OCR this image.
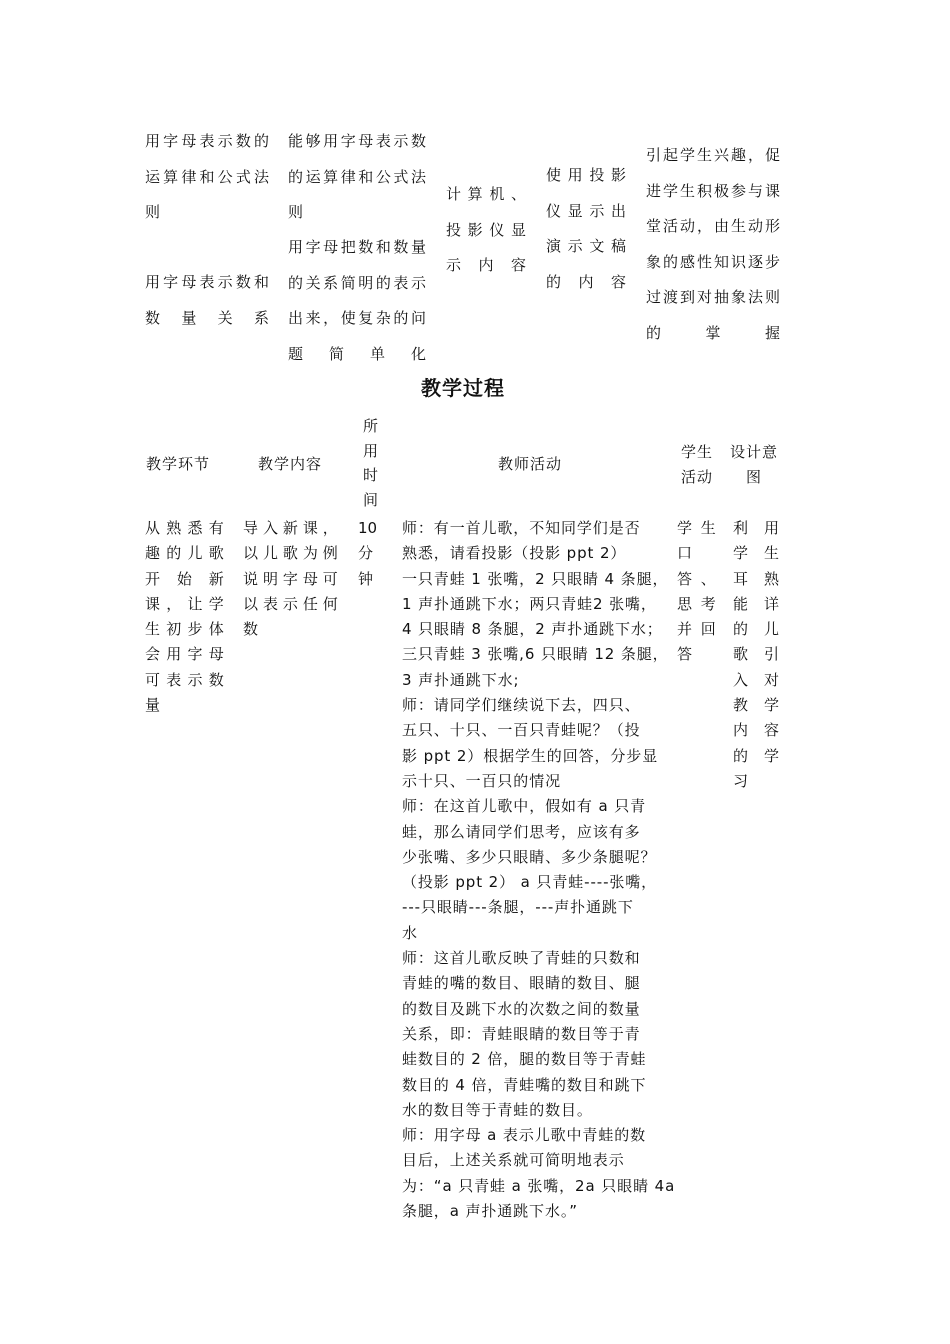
用字母表示数的运算律和公式法则
能够用字母表示数的运算律和公式法则
用字母表示数和数量关系
用字母把数和数量的关系简明的表示出来，使复杂的问题简单化
计算机、投影仪显示内容
使用投影仪显示出演示文稿的内容
引起学生兴趣，促进学生积极参与课堂活动，由生动形象的感性知识逐步过渡到对抽象法则的掌握
教学过程
教学环节	教学内容
所用时间
教师活动
学生活动
设计意图
从熟悉有趣的儿歌开始新课，让学生初步体会用字母可表示数量
导入新课，以儿歌为例说明字母可以表示任何数
10分钟
师：有一首儿歌，不知同学们是否
熟悉，请看投影（投影 ppt 2）
一只青蛙 1 张嘴，2 只眼睛 4 条腿，
1 声扑通跳下水；两只青蛙2 张嘴，
4 只眼睛 8 条腿，2 声扑通跳下水；
三只青蛙 3 张嘴,6 只眼睛 12 条腿，
3 声扑通跳下水;
师：请同学们继续说下去，四只、
五只、十只、一百只青蛙呢？（投
影 ppt 2）根据学生的回答，分步显
示十只、一百只的情况
师：在这首儿歌中，假如有 a 只青
蛙，那么请同学们思考，应该有多
少张嘴、多少只眼睛、多少条腿呢？
（投影 ppt 2） a 只青蛙----张嘴，
---只眼睛---条腿，---声扑通跳下
水
师：这首儿歌反映了青蛙的只数和
青蛙的嘴的数目、眼睛的数目、腿
的数目及跳下水的次数之间的数量
关系，即：青蛙眼睛的数目等于青
蛙数目的 2 倍，腿的数目等于青蛙
数目的 4 倍，青蛙嘴的数目和跳下
水的数目等于青蛙的数目。
师：用字母 a 表示儿歌中青蛙的数
目后，上述关系就可简明地表示
为：“a 只青蛙 a 张嘴，2a 只眼睛 4a
条腿，a 声扑通跳下水。”
学生口答、思考并回答
利学耳能的歌入教内的习
用生熟详儿引对学容学
